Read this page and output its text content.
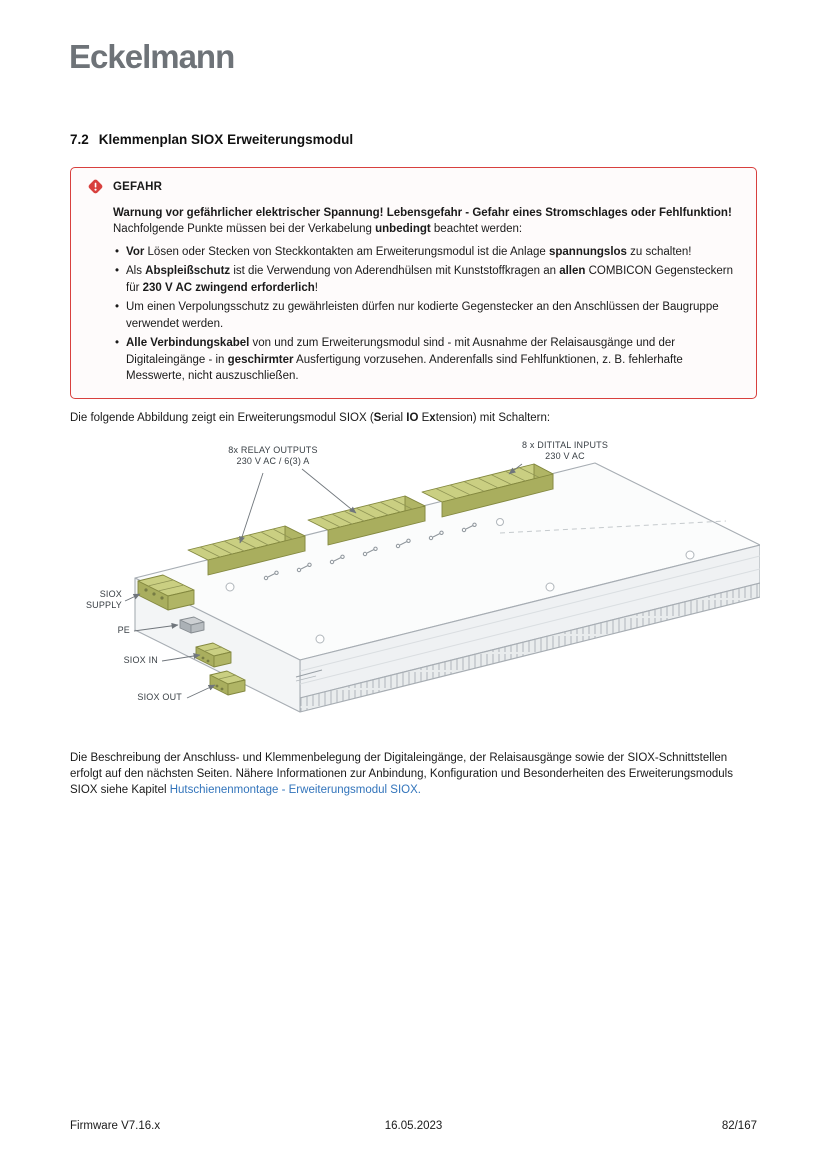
Eckelmann
7.2 Klemmenplan SIOX Erweiterungsmodul
GEFAHR

Warnung vor gefährlicher elektrischer Spannung! Lebensgefahr - Gefahr eines Stromschlages oder Fehlfunktion! Nachfolgende Punkte müssen bei der Verkabelung unbedingt beachtet werden:

• Vor Lösen oder Stecken von Steckkontakten am Erweiterungsmodul ist die Anlage spannungslos zu schalten!
• Als Abspleißschutz ist die Verwendung von Aderendhülsen mit Kunststoffkragen an allen COMBICON Gegensteckern für 230 V AC zwingend erforderlich!
• Um einen Verpolungsschutz zu gewährleisten dürfen nur kodierte Gegenstecker an den Anschlüssen der Baugruppe verwendet werden.
• Alle Verbindungskabel von und zum Erweiterungsmodul sind - mit Ausnahme der Relaisausgänge und der Digitaleingänge - in geschirmter Ausfertigung vorzusehen. Anderenfalls sind Fehlfunktionen, z. B. fehlerhafte Messwerte, nicht auszuschließen.

Die folgende Abbildung zeigt ein Erweiterungsmodul SIOX (Serial IO Extension) mit Schaltern:

8x RELAY OUTPUTS
230 V AC / 6(3) A
8 x DITITAL INPUTS
230 V AC
SIOX
SUPPLY
PE
SIOX IN
SIOX OUT

Die Beschreibung der Anschluss- und Klemmenbelegung der Digitaleingänge, der Relaisausgänge sowie der SIOX-Schnittstellen erfolgt auf den nächsten Seiten. Nähere Informationen zur Anbindung, Konfiguration und Besonderheiten des Erweiterungsmoduls SIOX siehe Kapitel Hutschienenmontage - Erweiterungsmodul SIOX.

Firmware V7.16.x	16.05.2023	82/167
